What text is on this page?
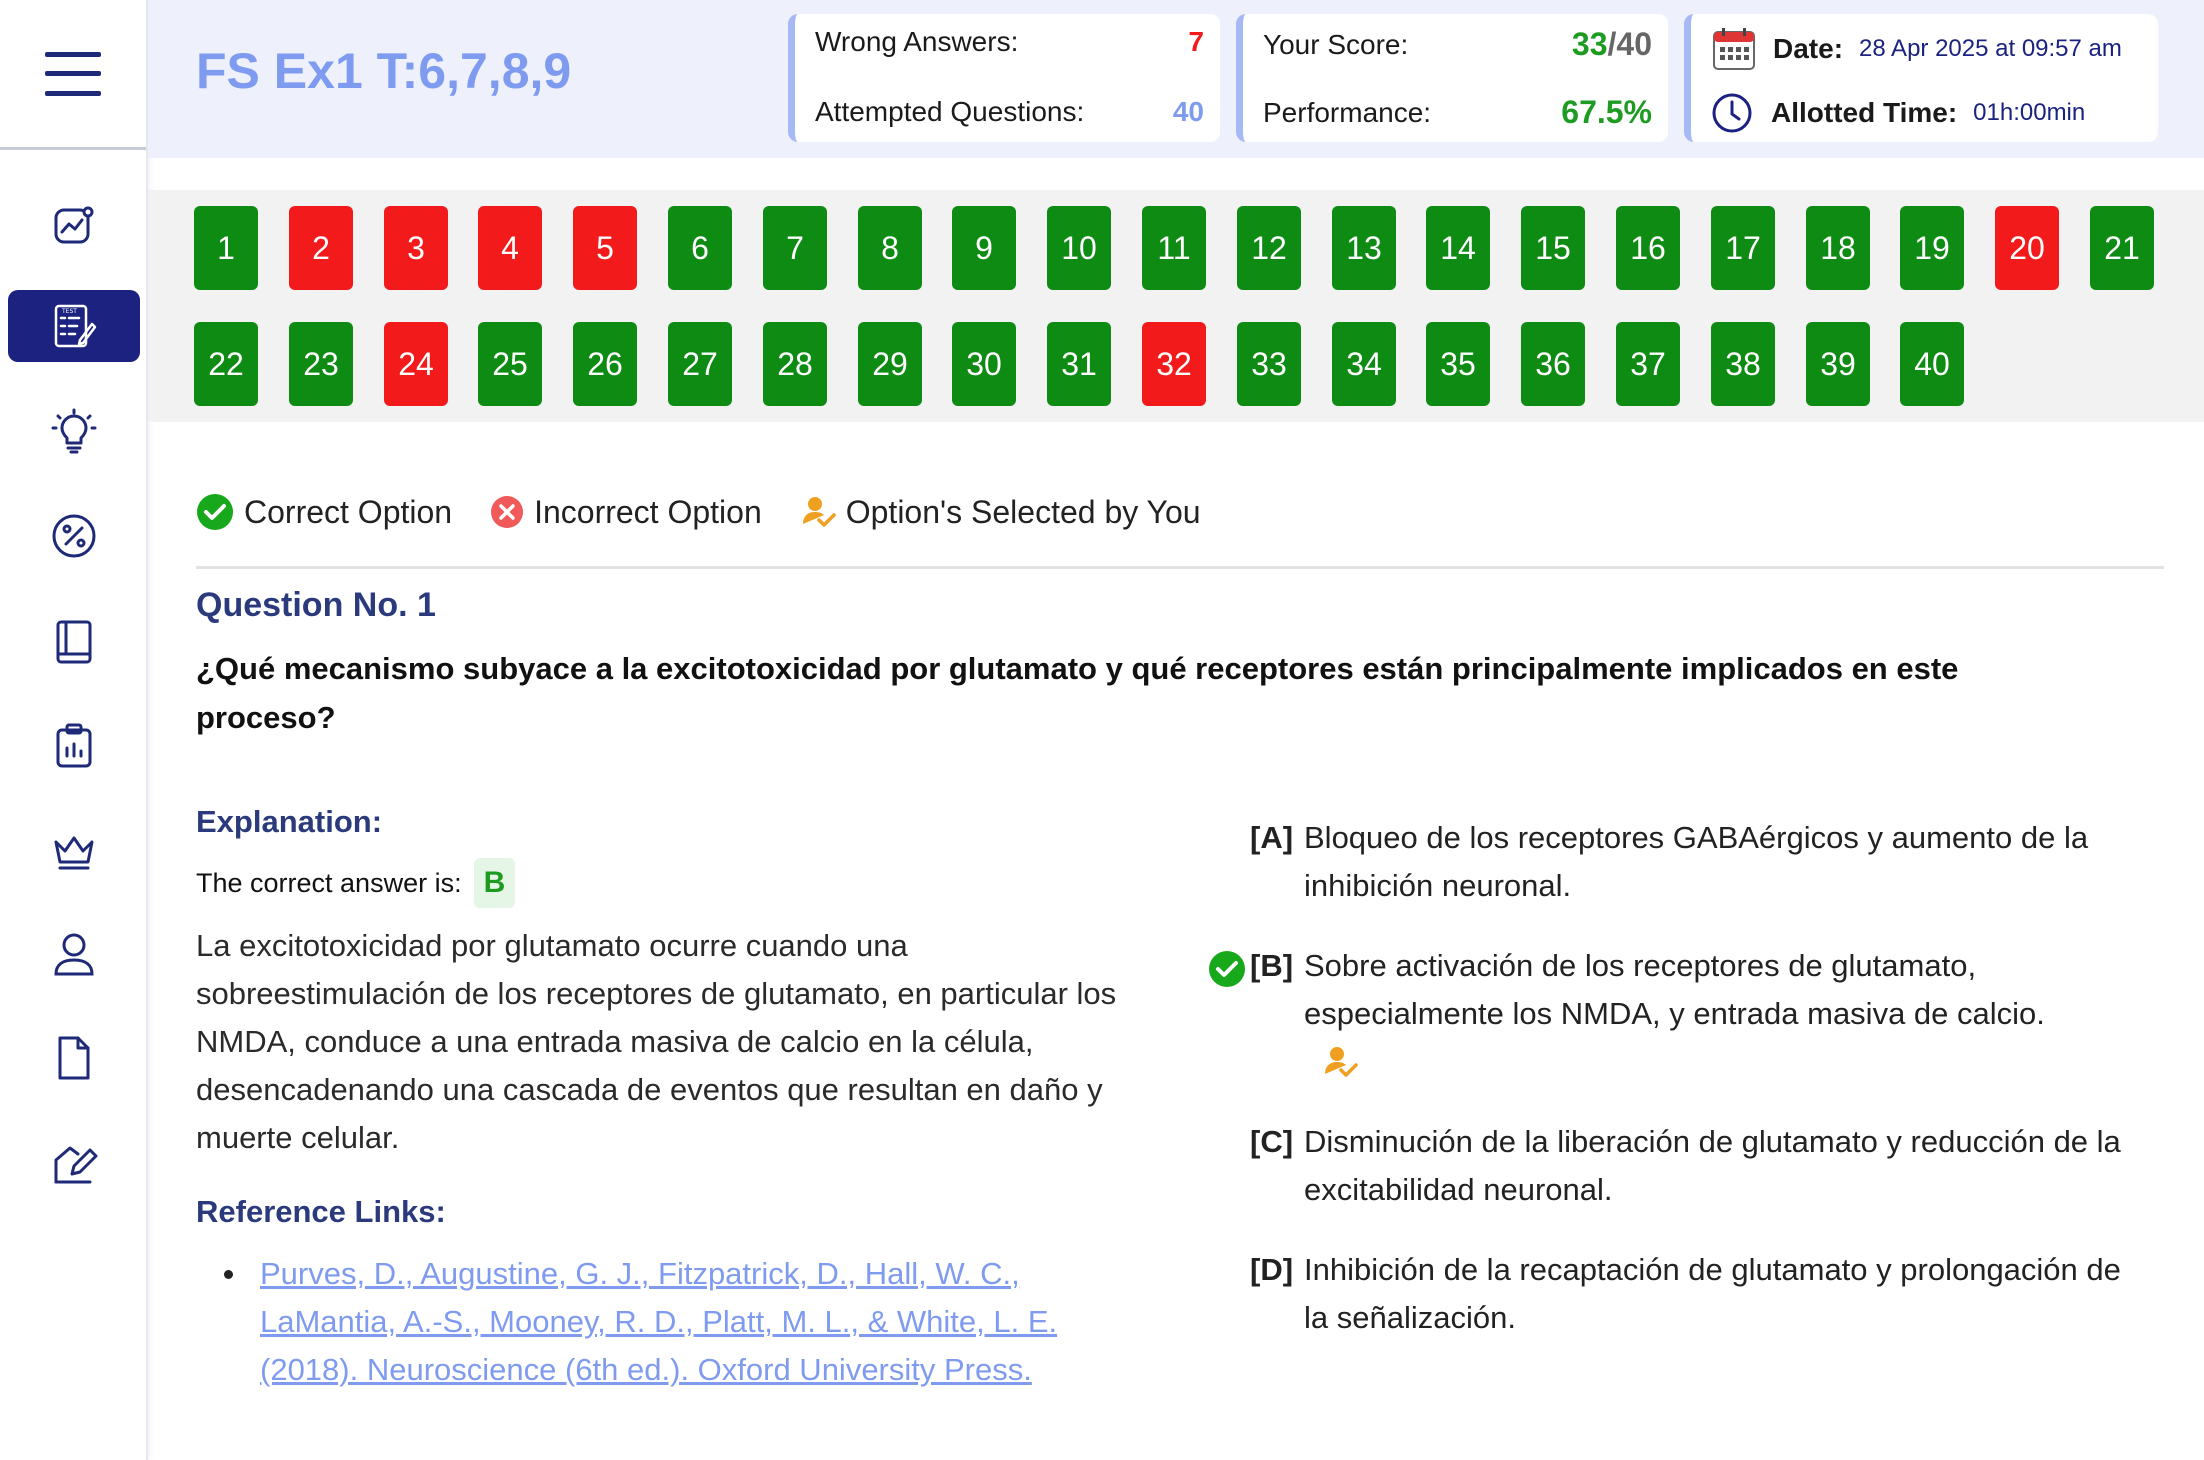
TEST
FS Ex1 T:6,7,8,9
Wrong Answers:	7
Attempted Questions:	40
Your Score:	33/40
Performance:	67.5%
Date: 28 Apr 2025 at 09:57 am
Allotted Time: 01h:00min
1	2	3	4	5	6	7	8	9	10	11	12	13	14	15	16	17	18	19	20	21
22	23	24	25	26	27	28	29	30	31	32	33	34	35	36	37	38	39	40
Correct Option	Incorrect Option	Option's Selected by You
Question No. 1
¿Qué mecanismo subyace a la excitotoxicidad por glutamato y qué receptores están principalmente implicados en este proceso?
Explanation:
The correct answer is: B
La excitotoxicidad por glutamato ocurre cuando una sobreestimulación de los receptores de glutamato, en particular los NMDA, conduce a una entrada masiva de calcio en la célula, desencadenando una cascada de eventos que resultan en daño y muerte celular.
Reference Links:
Purves, D., Augustine, G. J., Fitzpatrick, D., Hall, W. C., LaMantia, A.-S., Mooney, R. D., Platt, M. L., & White, L. E. (2018). Neuroscience (6th ed.). Oxford University Press.
[A] Bloqueo de los receptores GABAérgicos y aumento de la inhibición neuronal.
[B] Sobre activación de los receptores de glutamato, especialmente los NMDA, y entrada masiva de calcio.
[C] Disminución de la liberación de glutamato y reducción de la excitabilidad neuronal.
[D] Inhibición de la recaptación de glutamato y prolongación de la señalización.
